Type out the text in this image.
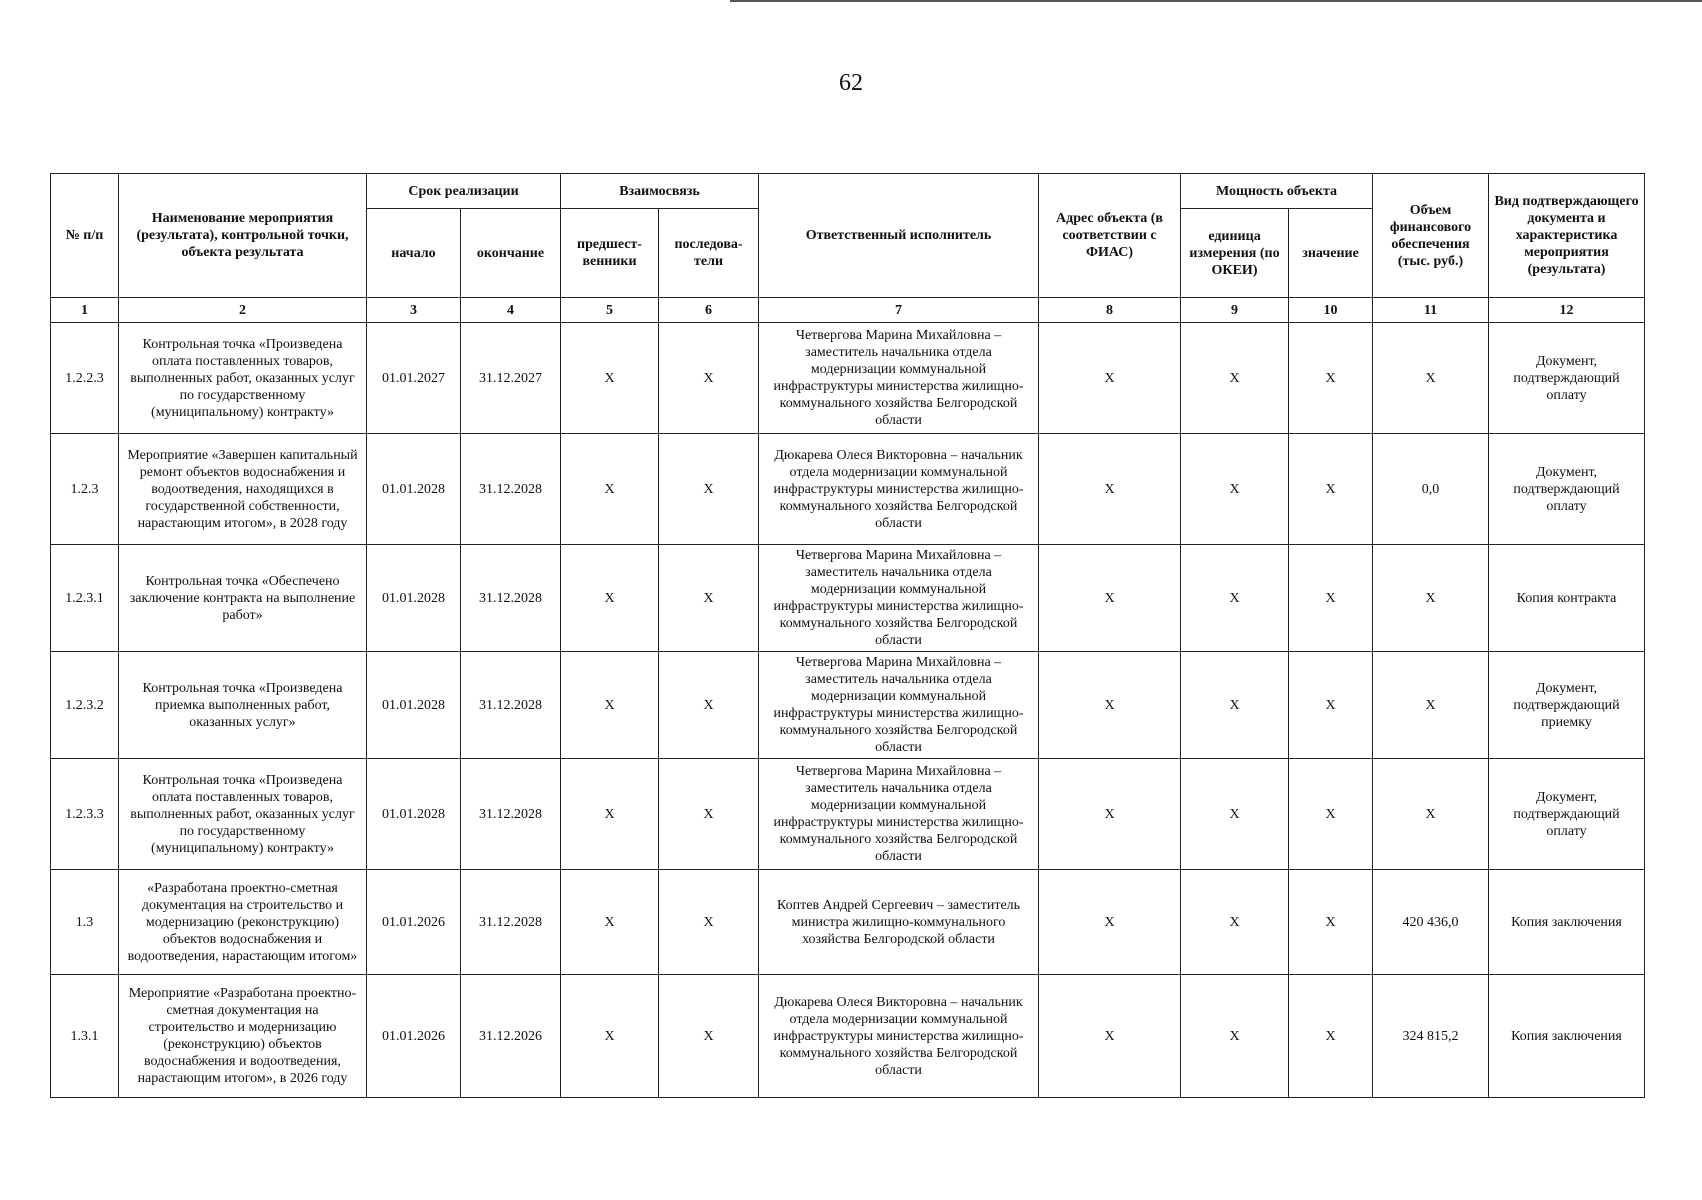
62
№ п/п	Наименование мероприятия (результата), контрольной точки, объекта результата	Срок реализации		Взаимосвязь		Ответственный исполнитель	Адрес объекта (в соответствии с ФИАС)	Мощность объекта		Объем финансового обеспечения (тыс. руб.)	Вид подтверждающего документа и характеристика мероприятия (результата)
		начало	окончание	предшест-венники	последова-тели			единица измерения (по ОКЕИ)	значение		
1	2	3	4	5	6	7	8	9	10	11	12
1.2.2.3	Контрольная точка «Произведена оплата поставленных товаров, выполненных работ, оказанных услуг по государственному (муниципальному) контракту»	01.01.2027	31.12.2027	X	X	Четвергова Марина Михайловна – заместитель начальника отдела модернизации коммунальной инфраструктуры министерства жилищно-коммунального хозяйства Белгородской области	X	X	X	X	Документ, подтверждающий оплату
1.2.3	Мероприятие «Завершен капитальный ремонт объектов водоснабжения и водоотведения, находящихся в государственной собственности, нарастающим итогом», в 2028 году	01.01.2028	31.12.2028	X	X	Дюкарева Олеся Викторовна – начальник отдела модернизации коммунальной инфраструктуры министерства жилищно-коммунального хозяйства Белгородской области	X	X	X	0,0	Документ, подтверждающий оплату
1.2.3.1	Контрольная точка «Обеспечено заключение контракта на выполнение работ»	01.01.2028	31.12.2028	X	X	Четвергова Марина Михайловна – заместитель начальника отдела модернизации коммунальной инфраструктуры министерства жилищно-коммунального хозяйства Белгородской области	X	X	X	X	Копия контракта
1.2.3.2	Контрольная точка «Произведена приемка выполненных работ, оказанных услуг»	01.01.2028	31.12.2028	X	X	Четвергова Марина Михайловна – заместитель начальника отдела модернизации коммунальной инфраструктуры министерства жилищно-коммунального хозяйства Белгородской области	X	X	X	X	Документ, подтверждающий приемку
1.2.3.3	Контрольная точка «Произведена оплата поставленных товаров, выполненных работ, оказанных услуг по государственному (муниципальному) контракту»	01.01.2028	31.12.2028	X	X	Четвергова Марина Михайловна – заместитель начальника отдела модернизации коммунальной инфраструктуры министерства жилищно-коммунального хозяйства Белгородской области	X	X	X	X	Документ, подтверждающий оплату
1.3	«Разработана проектно-сметная документация на строительство и модернизацию (реконструкцию) объектов водоснабжения и водоотведения, нарастающим итогом»	01.01.2026	31.12.2028	X	X	Коптев Андрей Сергеевич – заместитель министра жилищно-коммунального хозяйства Белгородской области	X	X	X	420 436,0	Копия заключения
1.3.1	Мероприятие «Разработана проектно-сметная документация на строительство и модернизацию (реконструкцию) объектов водоснабжения и водоотведения, нарастающим итогом», в 2026 году	01.01.2026	31.12.2026	X	X	Дюкарева Олеся Викторовна – начальник отдела модернизации коммунальной инфраструктуры министерства жилищно-коммунального хозяйства Белгородской области	X	X	X	324 815,2	Копия заключения
